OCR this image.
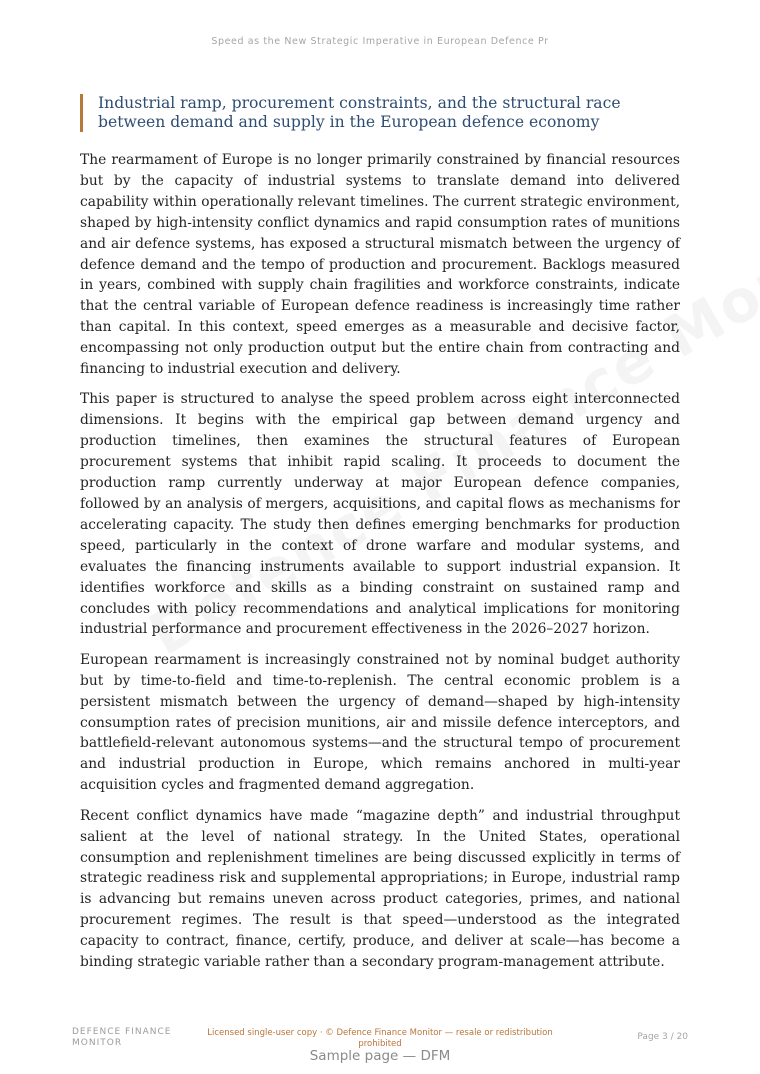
Speed as the New Strategic Imperative in European Defence Pr
Industrial ramp, procurement constraints, and the structural race between demand and supply in the European defence economy

The rearmament of Europe is no longer primarily constrained by financial resources but by the capacity of industrial systems to translate demand into delivered capability within operationally relevant timelines. The current strategic environment, shaped by high-intensity conflict dynamics and rapid consumption rates of munitions and air defence systems, has exposed a structural mismatch between the urgency of defence demand and the tempo of production and procurement. Backlogs measured in years, combined with supply chain fragilities and workforce constraints, indicate that the central variable of European defence readiness is increasingly time rather than capital. In this context, speed emerges as a measurable and decisive factor, encompassing not only production output but the entire chain from contracting and financing to industrial execution and delivery.

This paper is structured to analyse the speed problem across eight interconnected dimensions. It begins with the empirical gap between demand urgency and production timelines, then examines the structural features of European procurement systems that inhibit rapid scaling. It proceeds to document the production ramp currently underway at major European defence companies, followed by an analysis of mergers, acquisitions, and capital flows as mechanisms for accelerating capacity. The study then defines emerging benchmarks for production speed, particularly in the context of drone warfare and modular systems, and evaluates the financing instruments available to support industrial expansion. It identifies workforce and skills as a binding constraint on sustained ramp and concludes with policy recommendations and analytical implications for monitoring industrial performance and procurement effectiveness in the 2026–2027 horizon.

European rearmament is increasingly constrained not by nominal budget authority but by time-to-field and time-to-replenish. The central economic problem is a persistent mismatch between the urgency of demand—shaped by high-intensity consumption rates of precision munitions, air and missile defence interceptors, and battlefield-relevant autonomous systems—and the structural tempo of procurement and industrial production in Europe, which remains anchored in multi-year acquisition cycles and fragmented demand aggregation.

Recent conflict dynamics have made “magazine depth” and industrial throughput salient at the level of national strategy. In the United States, operational consumption and replenishment timelines are being discussed explicitly in terms of strategic readiness risk and supplemental appropriations; in Europe, industrial ramp is advancing but remains uneven across product categories, primes, and national procurement regimes. The result is that speed—understood as the integrated capacity to contract, finance, certify, produce, and deliver at scale—has become a binding strategic variable rather than a secondary program-management attribute.

DEFENCE FINANCE
MONITOR
Licensed single-user copy · © Defence Finance Monitor — resale or redistribution
prohibited
Page 3 / 20
Sample page — DFM
